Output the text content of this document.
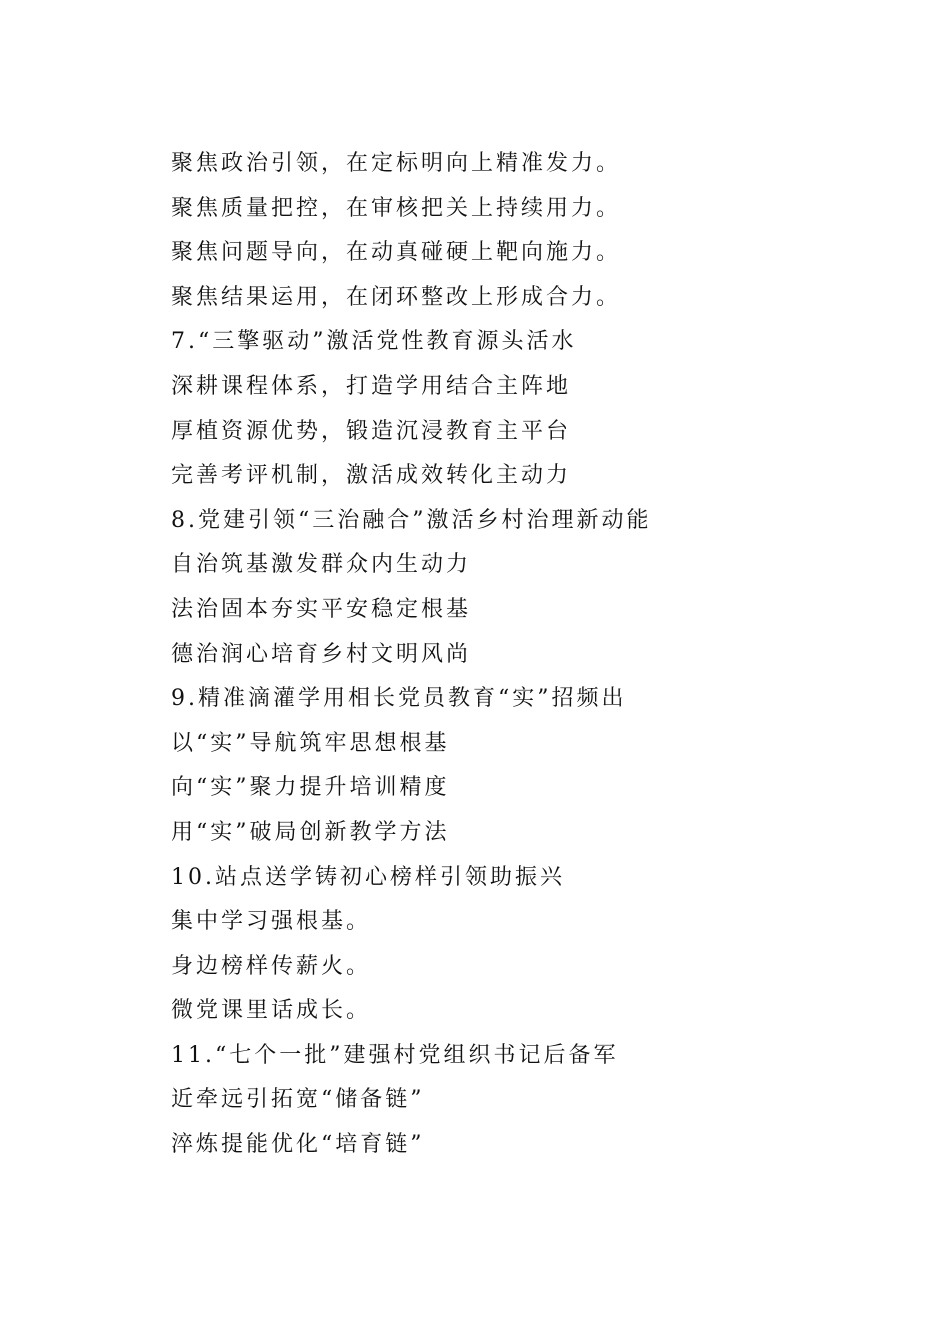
聚焦政治引领，在定标明向上精准发力。
聚焦质量把控，在审核把关上持续用力。
聚焦问题导向，在动真碰硬上靶向施力。
聚焦结果运用，在闭环整改上形成合力。
7.“三擎驱动”激活党性教育源头活水
深耕课程体系，打造学用结合主阵地
厚植资源优势，锻造沉浸教育主平台
完善考评机制，激活成效转化主动力
8.党建引领“三治融合”激活乡村治理新动能
自治筑基激发群众内生动力
法治固本夯实平安稳定根基
德治润心培育乡村文明风尚
9.精准滴灌学用相长党员教育“实”招频出
以“实”导航筑牢思想根基
向“实”聚力提升培训精度
用“实”破局创新教学方法
10.站点送学铸初心榜样引领助振兴
集中学习强根基。
身边榜样传薪火。
微党课里话成长。
11.“七个一批”建强村党组织书记后备军
近牵远引拓宽“储备链”
淬炼提能优化“培育链”
